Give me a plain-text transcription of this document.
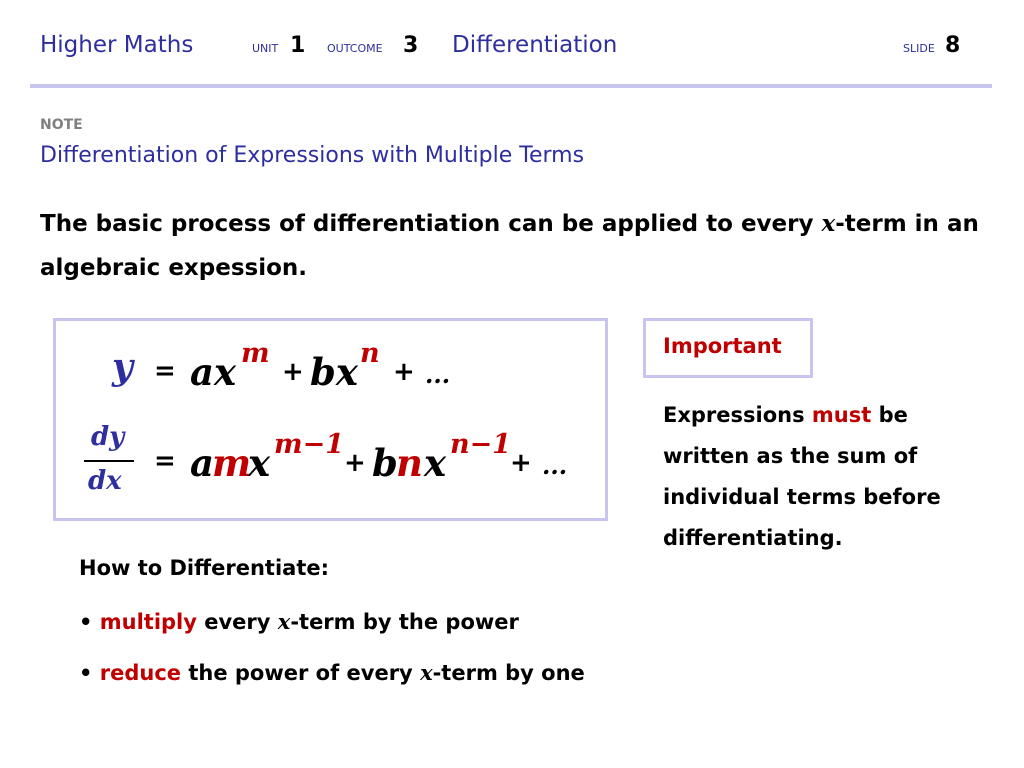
Higher Maths	UNIT 1 OUTCOME 3 Differentiation	SLIDE 8
NOTE
Differentiation of Expressions with Multiple Terms
The basic process of differentiation can be applied to every x-term in an algebraic expession.
y = ax m
+ bx n
+ ...
dy
dx
= a
m
x m−1
+ b
n x n−1
+ ...
Important
Expressions must be written as the sum of individual terms before differentiating.
How to Differentiate:
• multiply every x-term by the power
• reduce the power of every x-term by one
